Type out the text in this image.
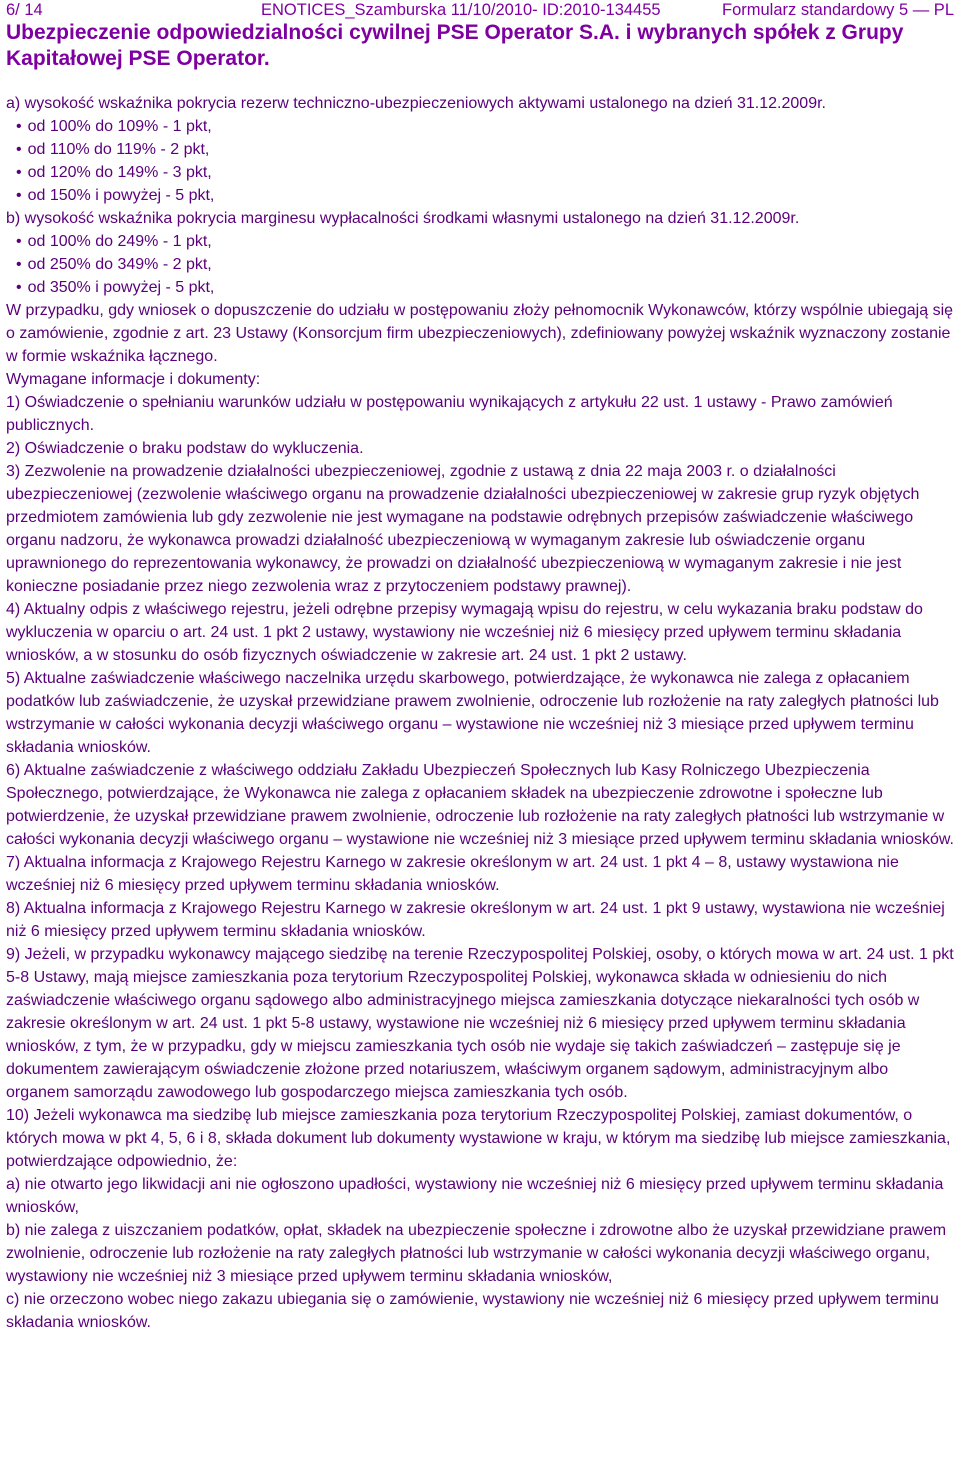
6/ 14	ENOTICES_Szamburska 11/10/2010- ID:2010-134455	Formularz standardowy 5 — PL
Ubezpieczenie odpowiedzialności cywilnej PSE Operator S.A. i wybranych spółek z Grupy Kapitałowej PSE Operator.

a) wysokość wskaźnika pokrycia rezerw techniczno-ubezpieczeniowych aktywami ustalonego na dzień 31.12.2009r.

• od 100% do 109% - 1 pkt,

• od 110% do 119% - 2 pkt,

• od 120% do 149% - 3 pkt,

• od 150% i powyżej - 5 pkt,

b) wysokość wskaźnika pokrycia marginesu wypłacalności środkami własnymi ustalonego na dzień 31.12.2009r.

• od 100% do 249% - 1 pkt,

• od 250% do 349% - 2 pkt,

• od 350% i powyżej - 5 pkt,

W przypadku, gdy wniosek o dopuszczenie do udziału w postępowaniu złoży pełnomocnik Wykonawców, którzy wspólnie ubiegają się o zamówienie, zgodnie z art. 23 Ustawy (Konsorcjum firm ubezpieczeniowych), zdefiniowany powyżej wskaźnik wyznaczony zostanie w formie wskaźnika łącznego.

Wymagane informacje i dokumenty:

1) Oświadczenie o spełnianiu warunków udziału w postępowaniu wynikających z artykułu 22 ust. 1 ustawy - Prawo zamówień publicznych.

2) Oświadczenie o braku podstaw do wykluczenia.

3) Zezwolenie na prowadzenie działalności ubezpieczeniowej, zgodnie z ustawą z dnia 22 maja 2003 r. o działalności ubezpieczeniowej (zezwolenie właściwego organu na prowadzenie działalności ubezpieczeniowej w zakresie grup ryzyk objętych przedmiotem zamówienia lub gdy zezwolenie nie jest wymagane na podstawie odrębnych przepisów zaświadczenie właściwego organu nadzoru, że wykonawca prowadzi działalność ubezpieczeniową w wymaganym zakresie lub oświadczenie organu uprawnionego do reprezentowania wykonawcy, że prowadzi on działalność ubezpieczeniową w wymaganym zakresie i nie jest konieczne posiadanie przez niego zezwolenia wraz z przytoczeniem podstawy prawnej).

4) Aktualny odpis z właściwego rejestru, jeżeli odrębne przepisy wymagają wpisu do rejestru, w celu wykazania braku podstaw do wykluczenia w oparciu o art. 24 ust. 1 pkt 2 ustawy, wystawiony nie wcześniej niż 6 miesięcy przed upływem terminu składania wniosków, a w stosunku do osób fizycznych oświadczenie w zakresie art. 24 ust. 1 pkt 2 ustawy.

5) Aktualne zaświadczenie właściwego naczelnika urzędu skarbowego, potwierdzające, że wykonawca nie zalega z opłacaniem podatków lub zaświadczenie, że uzyskał przewidziane prawem zwolnienie, odroczenie lub rozłożenie na raty zaległych płatności lub wstrzymanie w całości wykonania decyzji właściwego organu – wystawione nie wcześniej niż 3 miesiące przed upływem terminu składania wniosków.

6) Aktualne zaświadczenie z właściwego oddziału Zakładu Ubezpieczeń Społecznych lub Kasy Rolniczego Ubezpieczenia Społecznego, potwierdzające, że Wykonawca nie zalega z opłacaniem składek na ubezpieczenie zdrowotne i społeczne lub potwierdzenie, że uzyskał przewidziane prawem zwolnienie, odroczenie lub rozłożenie na raty zaległych płatności lub wstrzymanie w całości wykonania decyzji właściwego organu – wystawione nie wcześniej niż 3 miesiące przed upływem terminu składania wniosków.

7) Aktualna informacja z Krajowego Rejestru Karnego w zakresie określonym w art. 24 ust. 1 pkt 4 – 8, ustawy wystawiona nie wcześniej niż 6 miesięcy przed upływem terminu składania wniosków.

8) Aktualna informacja z Krajowego Rejestru Karnego w zakresie określonym w art. 24 ust. 1 pkt 9 ustawy, wystawiona nie wcześniej niż 6 miesięcy przed upływem terminu składania wniosków.

9) Jeżeli, w przypadku wykonawcy mającego siedzibę na terenie Rzeczypospolitej Polskiej, osoby, o których mowa w art. 24 ust. 1 pkt 5-8 Ustawy, mają miejsce zamieszkania poza terytorium Rzeczypospolitej Polskiej, wykonawca składa w odniesieniu do nich zaświadczenie właściwego organu sądowego albo administracyjnego miejsca zamieszkania dotyczące niekaralności tych osób w zakresie określonym w art. 24 ust. 1 pkt 5-8 ustawy, wystawione nie wcześniej niż 6 miesięcy przed upływem terminu składania wniosków, z tym, że w przypadku, gdy w miejscu zamieszkania tych osób nie wydaje się takich zaświadczeń – zastępuje się je dokumentem zawierającym oświadczenie złożone przed notariuszem, właściwym organem sądowym, administracyjnym albo organem samorządu zawodowego lub gospodarczego miejsca zamieszkania tych osób.

10) Jeżeli wykonawca ma siedzibę lub miejsce zamieszkania poza terytorium Rzeczypospolitej Polskiej, zamiast dokumentów, o których mowa w pkt 4, 5, 6 i 8, składa dokument lub dokumenty wystawione w kraju, w którym ma siedzibę lub miejsce zamieszkania, potwierdzające odpowiednio, że:

a) nie otwarto jego likwidacji ani nie ogłoszono upadłości, wystawiony nie wcześniej niż 6 miesięcy przed upływem terminu składania wniosków,

b) nie zalega z uiszczaniem podatków, opłat, składek na ubezpieczenie społeczne i zdrowotne albo że uzyskał przewidziane prawem zwolnienie, odroczenie lub rozłożenie na raty zaległych płatności lub wstrzymanie w całości wykonania decyzji właściwego organu, wystawiony nie wcześniej niż 3 miesiące przed upływem terminu składania wniosków,

c) nie orzeczono wobec niego zakazu ubiegania się o zamówienie, wystawiony nie wcześniej niż 6 miesięcy przed upływem terminu składania wniosków.
